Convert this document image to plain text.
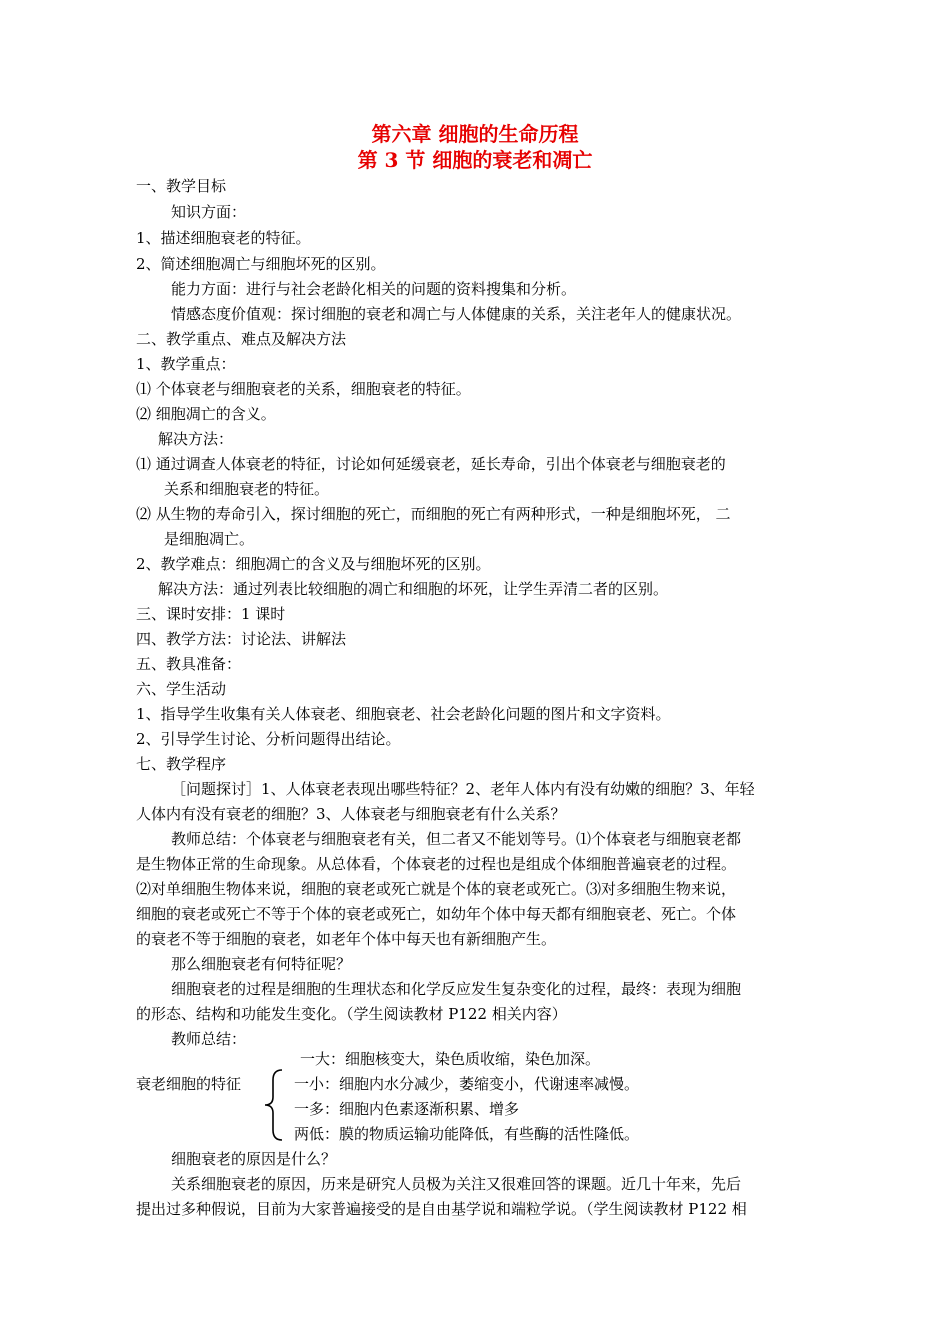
第六章 细胞的生命历程
第 3 节 细胞的衰老和凋亡
一、教学目标
知识方面：
1、描述细胞衰老的特征。
2、简述细胞凋亡与细胞坏死的区别。
能力方面：进行与社会老龄化相关的问题的资料搜集和分析。
情感态度价值观：探讨细胞的衰老和凋亡与人体健康的关系，关注老年人的健康状况。
二、教学重点、难点及解决方法
1、教学重点：
⑴ 个体衰老与细胞衰老的关系，细胞衰老的特征。
⑵ 细胞凋亡的含义。
解决方法：
⑴ 通过调查人体衰老的特征，讨论如何延缓衰老，延长寿命，引出个体衰老与细胞衰老的
关系和细胞衰老的特征。
⑵ 从生物的寿命引入，探讨细胞的死亡，而细胞的死亡有两种形式，一种是细胞坏死， 二
是细胞凋亡。
2、教学难点：细胞凋亡的含义及与细胞坏死的区别。
解决方法：通过列表比较细胞的凋亡和细胞的坏死，让学生弄清二者的区别。
三、课时安排：1 课时
四、教学方法：讨论法、讲解法
五、教具准备：
六、学生活动
1、指导学生收集有关人体衰老、细胞衰老、社会老龄化问题的图片和文字资料。
2、引导学生讨论、分析问题得出结论。
七、教学程序
［问题探讨］1、人体衰老表现出哪些特征？2、老年人体内有没有幼嫩的细胞？3、年轻
人体内有没有衰老的细胞？3、人体衰老与细胞衰老有什么关系？
教师总结：个体衰老与细胞衰老有关，但二者又不能划等号。⑴个体衰老与细胞衰老都
是生物体正常的生命现象。从总体看，个体衰老的过程也是组成个体细胞普遍衰老的过程。
⑵对单细胞生物体来说，细胞的衰老或死亡就是个体的衰老或死亡。⑶对多细胞生物来说，
细胞的衰老或死亡不等于个体的衰老或死亡，如幼年个体中每天都有细胞衰老、死亡。个体
的衰老不等于细胞的衰老，如老年个体中每天也有新细胞产生。
那么细胞衰老有何特征呢？
细胞衰老的过程是细胞的生理状态和化学反应发生复杂变化的过程，最终：表现为细胞
的形态、结构和功能发生变化。（学生阅读教材 P122 相关内容）
教师总结：
衰老细胞的特征
一大：细胞核变大，染色质收缩，染色加深。
一小：细胞内水分减少，萎缩变小，代谢速率减慢。
一多：细胞内色素逐渐积累、增多
两低：膜的物质运输功能降低，有些酶的活性隆低。
细胞衰老的原因是什么？
关系细胞衰老的原因，历来是研究人员极为关注又很难回答的课题。近几十年来，先后
提出过多种假说，目前为大家普遍接受的是自由基学说和端粒学说。（学生阅读教材 P122 相
